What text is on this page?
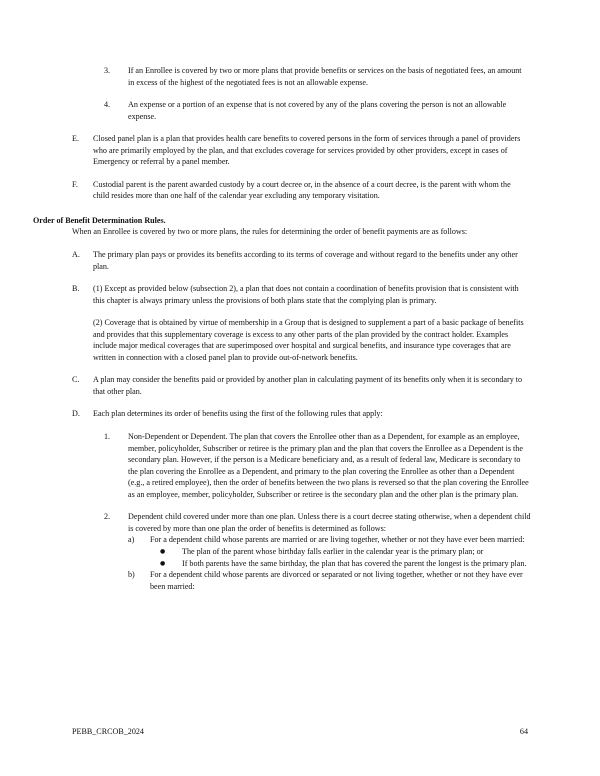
3.	If an Enrollee is covered by two or more plans that provide benefits or services on the basis of negotiated fees, an amount in excess of the highest of the negotiated fees is not an allowable expense.
4.	An expense or a portion of an expense that is not covered by any of the plans covering the person is not an allowable expense.
E.	Closed panel plan is a plan that provides health care benefits to covered persons in the form of services through a panel of providers who are primarily employed by the plan, and that excludes coverage for services provided by other providers, except in cases of Emergency or referral by a panel member.
F.	Custodial parent is the parent awarded custody by a court decree or, in the absence of a court decree, is the parent with whom the child resides more than one half of the calendar year excluding any temporary visitation.
Order of Benefit Determination Rules.
When an Enrollee is covered by two or more plans, the rules for determining the order of benefit payments are as follows:
A.	The primary plan pays or provides its benefits according to its terms of coverage and without regard to the benefits under any other plan.
B.	(1) Except as provided below (subsection 2), a plan that does not contain a coordination of benefits provision that is consistent with this chapter is always primary unless the provisions of both plans state that the complying plan is primary.
(2) Coverage that is obtained by virtue of membership in a Group that is designed to supplement a part of a basic package of benefits and provides that this supplementary coverage is excess to any other parts of the plan provided by the contract holder. Examples include major medical coverages that are superimposed over hospital and surgical benefits, and insurance type coverages that are written in connection with a closed panel plan to provide out-of-network benefits.
C.	A plan may consider the benefits paid or provided by another plan in calculating payment of its benefits only when it is secondary to that other plan.
D.	Each plan determines its order of benefits using the first of the following rules that apply:
1.	Non-Dependent or Dependent. The plan that covers the Enrollee other than as a Dependent, for example as an employee, member, policyholder, Subscriber or retiree is the primary plan and the plan that covers the Enrollee as a Dependent is the secondary plan. However, if the person is a Medicare beneficiary and, as a result of federal law, Medicare is secondary to the plan covering the Enrollee as a Dependent, and primary to the plan covering the Enrollee as other than a Dependent (e.g., a retired employee), then the order of benefits between the two plans is reversed so that the plan covering the Enrollee as an employee, member, policyholder, Subscriber or retiree is the secondary plan and the other plan is the primary plan.
2.	Dependent child covered under more than one plan. Unless there is a court decree stating otherwise, when a dependent child is covered by more than one plan the order of benefits is determined as follows:
a)	For a dependent child whose parents are married or are living together, whether or not they have ever been married:
●	The plan of the parent whose birthday falls earlier in the calendar year is the primary plan; or
●	If both parents have the same birthday, the plan that has covered the parent the longest is the primary plan.
b)	For a dependent child whose parents are divorced or separated or not living together, whether or not they have ever been married:
PEBB_CRCOB_2024	64
